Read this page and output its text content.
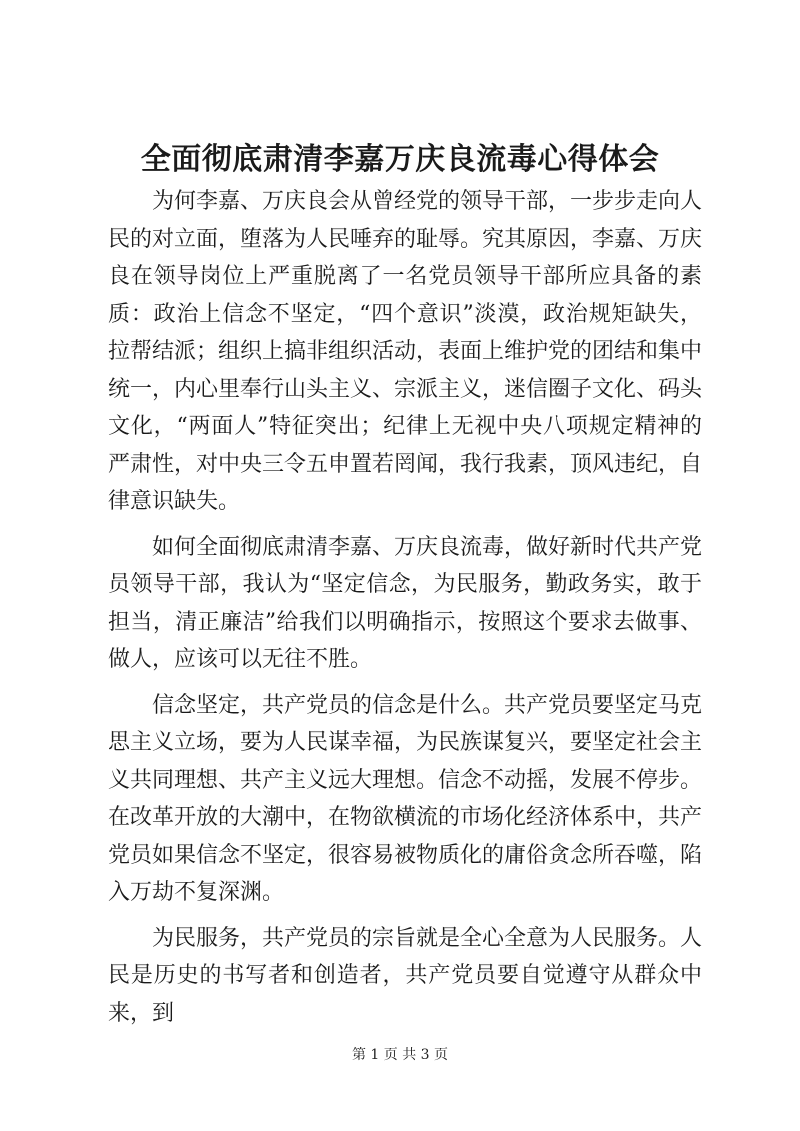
全面彻底肃清李嘉万庆良流毒心得体会

为何李嘉、万庆良会从曾经党的领导干部，一步步走向人民的对立面，堕落为人民唾弃的耻辱。究其原因，李嘉、万庆良在领导岗位上严重脱离了一名党员领导干部所应具备的素质：政治上信念不坚定，“四个意识”淡漠，政治规矩缺失，拉帮结派；组织上搞非组织活动，表面上维护党的团结和集中统一，内心里奉行山头主义、宗派主义，迷信圈子文化、码头文化，“两面人”特征突出；纪律上无视中央八项规定精神的严肃性，对中央三令五申置若罔闻，我行我素，顶风违纪，自律意识缺失。

如何全面彻底肃清李嘉、万庆良流毒，做好新时代共产党员领导干部，我认为“坚定信念，为民服务，勤政务实，敢于担当，清正廉洁”给我们以明确指示，按照这个要求去做事、做人，应该可以无往不胜。

信念坚定，共产党员的信念是什么。共产党员要坚定马克思主义立场，要为人民谋幸福，为民族谋复兴，要坚定社会主义共同理想、共产主义远大理想。信念不动摇，发展不停步。在改革开放的大潮中，在物欲横流的市场化经济体系中，共产党员如果信念不坚定，很容易被物质化的庸俗贪念所吞噬，陷入万劫不复深渊。

为民服务，共产党员的宗旨就是全心全意为人民服务。人民是历史的书写者和创造者，共产党员要自觉遵守从群众中来，到

第 1 页 共 3 页
